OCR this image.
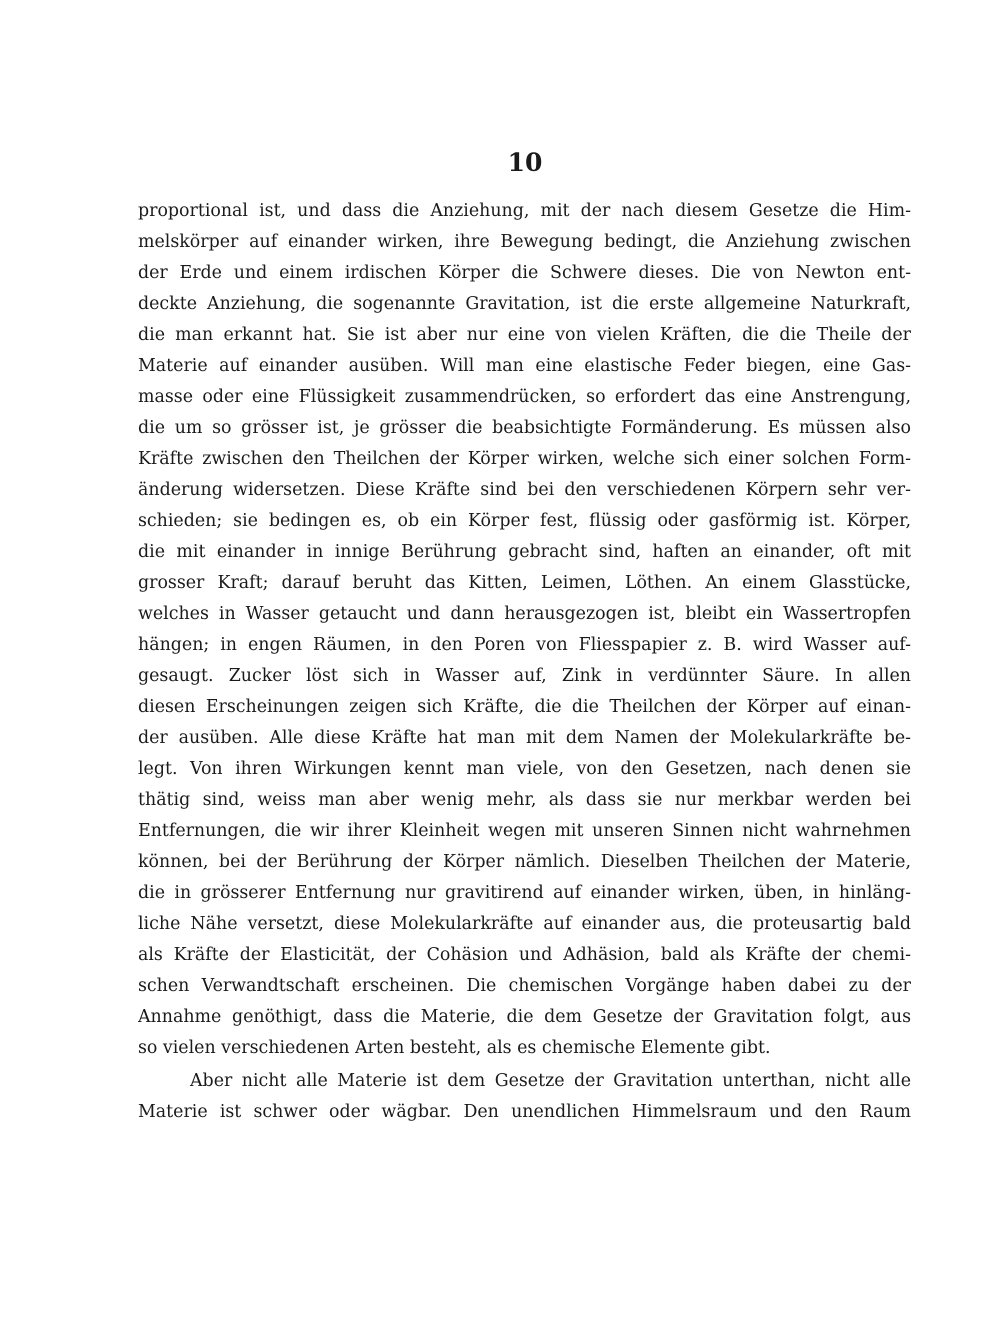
10
proportional ist, und dass die Anziehung, mit der nach diesem Gesetze die Him-
melskörper auf einander wirken, ihre Bewegung bedingt, die Anziehung zwischen
der Erde und einem irdischen Körper die Schwere dieses. Die von Newton ent-
deckte Anziehung, die sogenannte Gravitation, ist die erste allgemeine Naturkraft,
die man erkannt hat. Sie ist aber nur eine von vielen Kräften, die die Theile der
Materie auf einander ausüben. Will man eine elastische Feder biegen, eine Gas-
masse oder eine Flüssigkeit zusammendrücken, so erfordert das eine Anstrengung,
die um so grösser ist, je grösser die beabsichtigte Formänderung. Es müssen also
Kräfte zwischen den Theilchen der Körper wirken, welche sich einer solchen Form-
änderung widersetzen. Diese Kräfte sind bei den verschiedenen Körpern sehr ver-
schieden; sie bedingen es, ob ein Körper fest, flüssig oder gasförmig ist. Körper,
die mit einander in innige Berührung gebracht sind, haften an einander, oft mit
grosser Kraft; darauf beruht das Kitten, Leimen, Löthen. An einem Glasstücke,
welches in Wasser getaucht und dann herausgezogen ist, bleibt ein Wassertropfen
hängen; in engen Räumen, in den Poren von Fliesspapier z. B. wird Wasser auf-
gesaugt. Zucker löst sich in Wasser auf, Zink in verdünnter Säure. In allen
diesen Erscheinungen zeigen sich Kräfte, die die Theilchen der Körper auf einan-
der ausüben. Alle diese Kräfte hat man mit dem Namen der Molekularkräfte be-
legt. Von ihren Wirkungen kennt man viele, von den Gesetzen, nach denen sie
thätig sind, weiss man aber wenig mehr, als dass sie nur merkbar werden bei
Entfernungen, die wir ihrer Kleinheit wegen mit unseren Sinnen nicht wahrnehmen
können, bei der Berührung der Körper nämlich. Dieselben Theilchen der Materie,
die in grösserer Entfernung nur gravitirend auf einander wirken, üben, in hinläng-
liche Nähe versetzt, diese Molekularkräfte auf einander aus, die proteusartig bald
als Kräfte der Elasticität, der Cohäsion und Adhäsion, bald als Kräfte der chemi-
schen Verwandtschaft erscheinen. Die chemischen Vorgänge haben dabei zu der
Annahme genöthigt, dass die Materie, die dem Gesetze der Gravitation folgt, aus
so vielen verschiedenen Arten besteht, als es chemische Elemente gibt.
Aber nicht alle Materie ist dem Gesetze der Gravitation unterthan, nicht alle
Materie ist schwer oder wägbar. Den unendlichen Himmelsraum und den Raum
